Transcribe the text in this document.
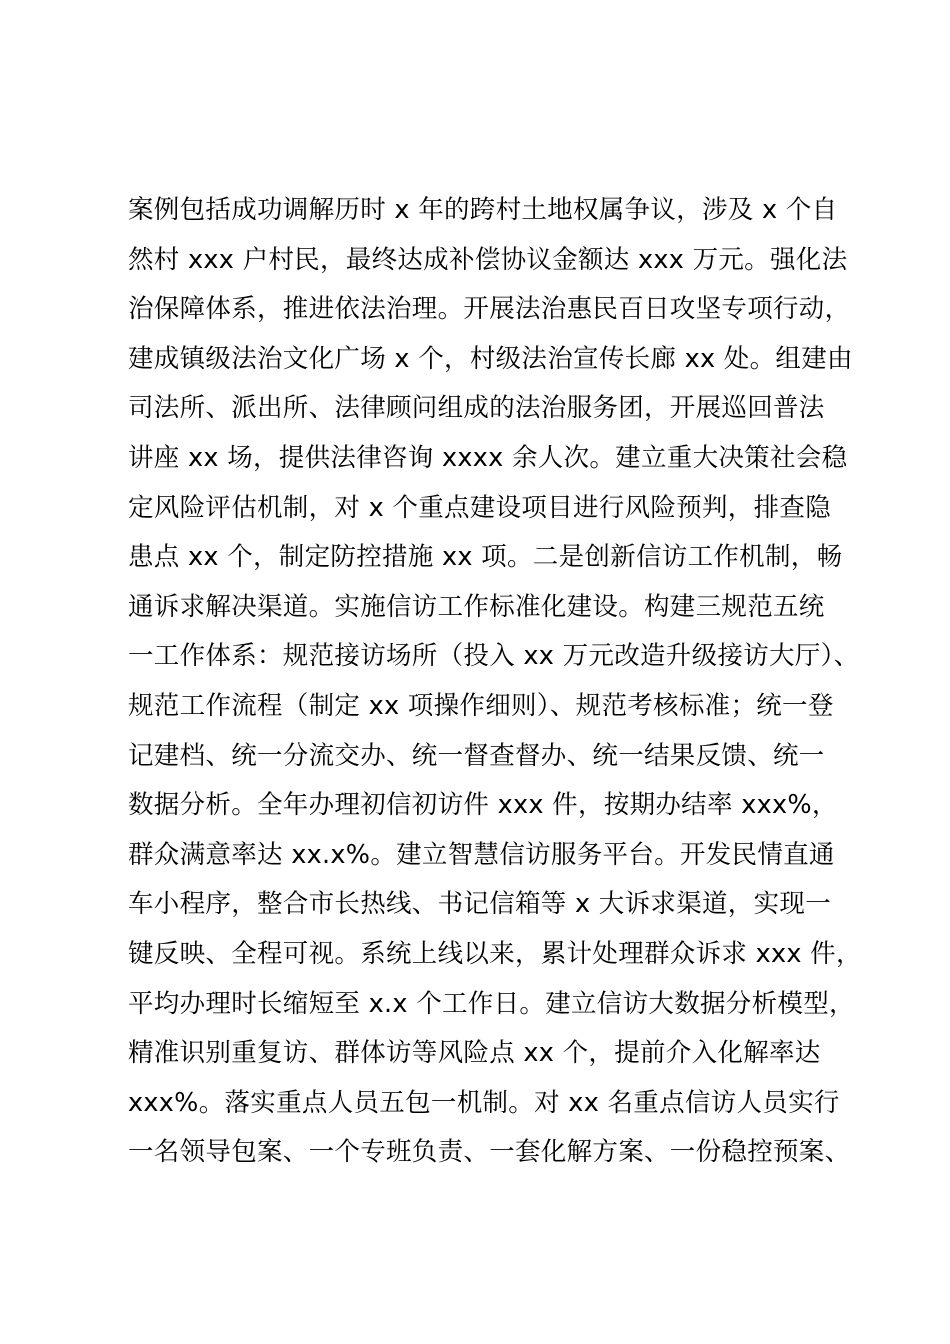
案例包括成功调解历时 x 年的跨村土地权属争议，涉及 x 个自
然村 xxx 户村民，最终达成补偿协议金额达 xxx 万元。强化法
治保障体系，推进依法治理。开展法治惠民百日攻坚专项行动，
建成镇级法治文化广场 x 个，村级法治宣传长廊 xx 处。组建由
司法所、派出所、法律顾问组成的法治服务团，开展巡回普法
讲座 xx 场，提供法律咨询 xxxx 余人次。建立重大决策社会稳
定风险评估机制，对 x 个重点建设项目进行风险预判，排查隐
患点 xx 个，制定防控措施 xx 项。二是创新信访工作机制，畅
通诉求解决渠道。实施信访工作标准化建设。构建三规范五统
一工作体系：规范接访场所（投入 xx 万元改造升级接访大厅）、
规范工作流程（制定 xx 项操作细则）、规范考核标准；统一登
记建档、统一分流交办、统一督查督办、统一结果反馈、统一
数据分析。全年办理初信初访件 xxx 件，按期办结率 xxx%，
群众满意率达 xx.x%。建立智慧信访服务平台。开发民情直通
车小程序，整合市长热线、书记信箱等 x 大诉求渠道，实现一
键反映、全程可视。系统上线以来，累计处理群众诉求 xxx 件，
平均办理时长缩短至 x.x 个工作日。建立信访大数据分析模型，
精准识别重复访、群体访等风险点 xx 个，提前介入化解率达
xxx%。落实重点人员五包一机制。对 xx 名重点信访人员实行
一名领导包案、一个专班负责、一套化解方案、一份稳控预案、
